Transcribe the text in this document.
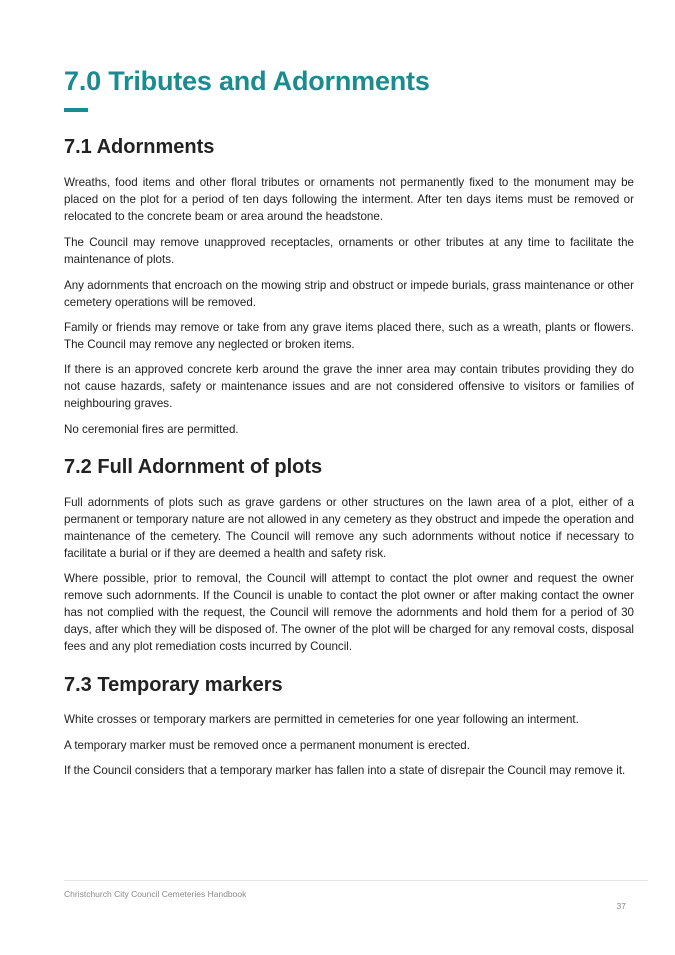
7.0 Tributes and Adornments
7.1 Adornments

Wreaths, food items and other floral tributes or ornaments not permanently fixed to the monument may be placed on the plot for a period of ten days following the interment. After ten days items must be removed or relocated to the concrete beam or area around the headstone.

The Council may remove unapproved receptacles, ornaments or other tributes at any time to facilitate the maintenance of plots.

Any adornments that encroach on the mowing strip and obstruct or impede burials, grass maintenance or other cemetery operations will be removed.

Family or friends may remove or take from any grave items placed there, such as a wreath, plants or flowers. The Council may remove any neglected or broken items.

If there is an approved concrete kerb around the grave the inner area may contain tributes providing they do not cause hazards, safety or maintenance issues and are not considered offensive to visitors or families of neighbouring graves.

No ceremonial fires are permitted.

7.2 Full Adornment of plots

Full adornments of plots such as grave gardens or other structures on the lawn area of a plot, either of a permanent or temporary nature are not allowed in any cemetery as they obstruct and impede the operation and maintenance of the cemetery. The Council will remove any such adornments without notice if necessary to facilitate a burial or if they are deemed a health and safety risk.

Where possible, prior to removal, the Council will attempt to contact the plot owner and request the owner remove such adornments. If the Council is unable to contact the plot owner or after making contact the owner has not complied with the request, the Council will remove the adornments and hold them for a period of 30 days, after which they will be disposed of. The owner of the plot will be charged for any removal costs, disposal fees and any plot remediation costs incurred by Council.

7.3 Temporary markers

White crosses or temporary markers are permitted in cemeteries for one year following an interment.

A temporary marker must be removed once a permanent monument is erected.

If the Council considers that a temporary marker has fallen into a state of disrepair the Council may remove it.

Christchurch City Council Cemeteries Handbook
37
